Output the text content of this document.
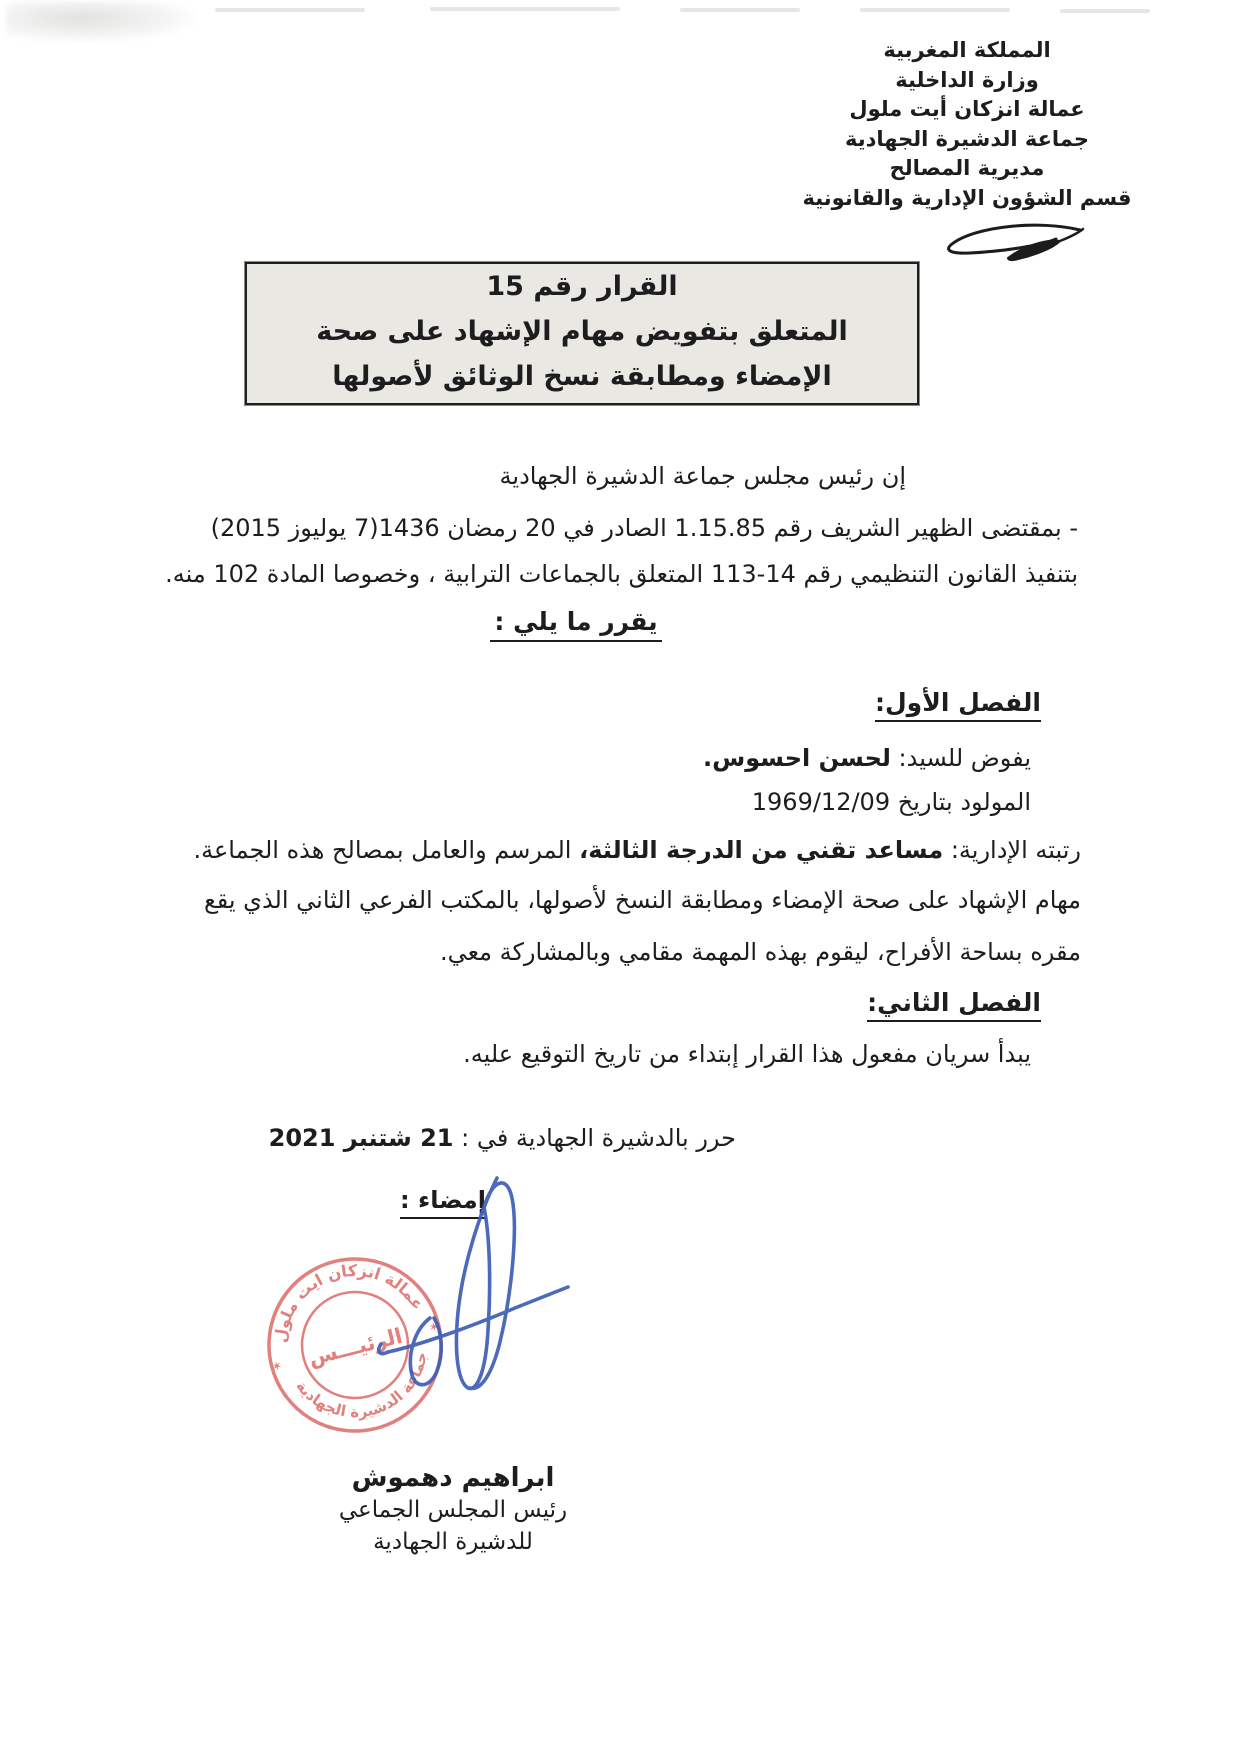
المملكة المغربية
وزارة الداخلية
عمالة انزكان أيت ملول
جماعة الدشيرة الجهادية
مديرية المصالح
قسم الشؤون الإدارية والقانونية
القرار رقم 15
المتعلق بتفويض مهام الإشهاد على صحة
الإمضاء ومطابقة نسخ الوثائق لأصولها
إن رئيس مجلس جماعة الدشيرة الجهادية
- بمقتضى الظهير الشريف رقم 1.15.85 الصادر في 20 رمضان 1436(7 يوليوز 2015)
بتنفيذ القانون التنظيمي رقم 14-113 المتعلق بالجماعات الترابية ، وخصوصا المادة 102 منه.
يقرر ما يلي :
الفصل الأول:
يفوض للسيد: لحسن احسوس.
المولود بتاريخ 1969/12/09
رتبته الإدارية: مساعد تقني من الدرجة الثالثة، المرسم والعامل بمصالح هذه الجماعة.
مهام الإشهاد على صحة الإمضاء ومطابقة النسخ لأصولها، بالمكتب الفرعي الثاني الذي يقع
مقره بساحة الأفراح، ليقوم بهذه المهمة مقامي وبالمشاركة معي.
الفصل الثاني:
يبدأ سريان مفعول هذا القرار إبتداء من تاريخ التوقيع عليه.
حرر بالدشيرة الجهادية في : 21 شتنبر 2021
إمضاء :
عمالة انزكان ايت ملول
جماعة الدشيرة الجهادية
الرئيـــس
✶
✶
ابراهيم دهموش
رئيس المجلس الجماعي
للدشيرة الجهادية
